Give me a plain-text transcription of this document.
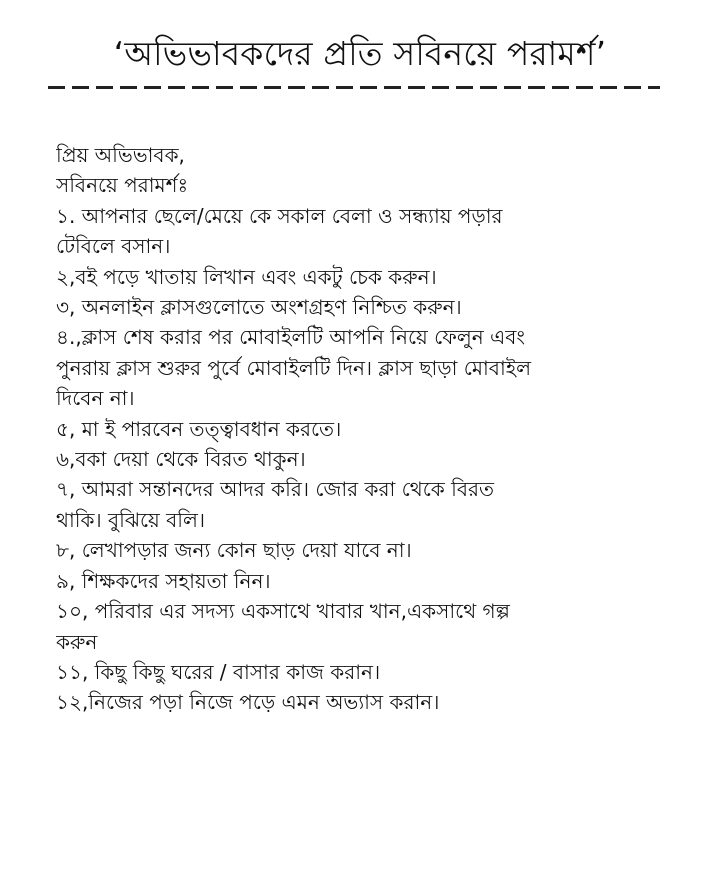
‘অভিভাবকদের প্রতি সবিনয়ে পরামর্শ’
প্রিয় অভিভাবক,
সবিনয়ে পরামর্শঃ
১. আপনার ছেলে/মেয়ে কে সকাল বেলা ও সন্ধ্যায় পড়ার
টেবিলে বসান।
২,বই পড়ে খাতায় লিখান এবং একটু চেক করুন।
৩, অনলাইন ক্লাসগুলোতে অংশগ্রহণ নিশ্চিত করুন।
৪.,ক্লাস শেষ করার পর মোবাইলটি আপনি নিয়ে ফেলুন এবং
পুনরায় ক্লাস শুরুর পুর্বে মোবাইলটি দিন। ক্লাস ছাড়া মোবাইল
দিবেন না।
৫, মা ই পারবেন তত্ত্বাবধান করতে।
৬,বকা দেয়া থেকে বিরত থাকুন।
৭, আমরা সন্তানদের আদর করি। জোর করা থেকে বিরত
থাকি। বুঝিয়ে বলি।
৮, লেখাপড়ার জন্য কোন ছাড় দেয়া যাবে না।
৯, শিক্ষকদের সহায়তা নিন।
১০, পরিবার এর সদস্য একসাথে খাবার খান,একসাথে গল্প
করুন
১১, কিছু কিছু ঘরের / বাসার কাজ করান।
১২,নিজের পড়া নিজে পড়ে এমন অভ্যাস করান।
